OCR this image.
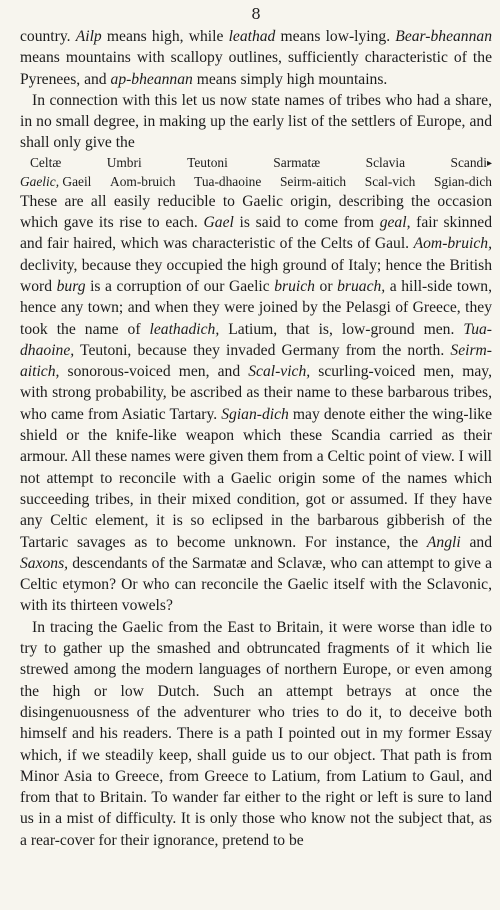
8

country. Ailp means high, while leathad means low-lying. Bear-bheannan means mountains with scallopy outlines, sufficiently characteristic of the Pyrenees, and ap-bheannan means simply high mountains.

In connection with this let us now state names of tribes who had a share, in no small degree, in making up the early list of the settlers of Europe, and shall only give the

Celtæ	Umbri	Teutoni	Sarmatæ	Sclavia	Scandi▸
Gaelic, Gaeil Aom-bruich Tua-dhaoine Seirm-aitich Scal-vich Sgian-dich

These are all easily reducible to Gaelic origin, describing the occasion which gave its rise to each. Gael is said to come from geal, fair skinned and fair haired, which was characteristic of the Celts of Gaul. Aom-bruich, declivity, because they occupied the high ground of Italy; hence the British word burg is a corruption of our Gaelic bruich or bruach, a hill-side town, hence any town; and when they were joined by the Pelasgi of Greece, they took the name of leathadich, Latium, that is, low-ground men. Tua-dhaoine, Teutoni, because they invaded Germany from the north. Seirm-aitich, sonorous-voiced men, and Scal-vich, scurling-voiced men, may, with strong probability, be ascribed as their name to these barbarous tribes, who came from Asiatic Tartary. Sgian-dich may denote either the wing-like shield or the knife-like weapon which these Scandia carried as their armour. All these names were given them from a Celtic point of view. I will not attempt to reconcile with a Gaelic origin some of the names which succeeding tribes, in their mixed condition, got or assumed. If they have any Celtic element, it is so eclipsed in the barbarous gibberish of the Tartaric savages as to become unknown. For instance, the Angli and Saxons, descendants of the Sarmatæ and Sclavæ, who can attempt to give a Celtic etymon? Or who can reconcile the Gaelic itself with the Sclavonic, with its thirteen vowels?

In tracing the Gaelic from the East to Britain, it were worse than idle to try to gather up the smashed and obtruncated fragments of it which lie strewed among the modern languages of northern Europe, or even among the high or low Dutch. Such an attempt betrays at once the disingenuousness of the adventurer who tries to do it, to deceive both himself and his readers. There is a path I pointed out in my former Essay which, if we steadily keep, shall guide us to our object. That path is from Minor Asia to Greece, from Greece to Latium, from Latium to Gaul, and from that to Britain. To wander far either to the right or left is sure to land us in a mist of difficulty. It is only those who know not the subject that, as a rear-cover for their ignorance, pretend to be
